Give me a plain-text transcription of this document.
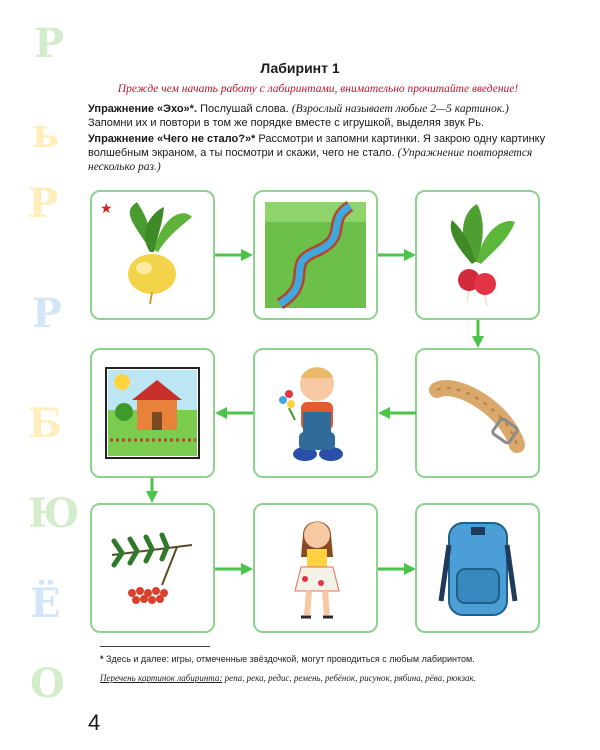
Р
ь
Р
Р
Б
Ю
Ё
О
Лабиринт 1
Прежде чем начать работу с лабиринтами, внимательно прочитайте введение!
Упражнение «Эхо»*. Послушай слова. (Взрослый называет любые 2—5 картинок.) Запомни их и повтори в том же порядке вместе с игрушкой, выделяя звук Рь.
Упражнение «Чего не стало?»* Рассмотри и запомни картинки. Я закрою одну картинку волшебным экраном, а ты посмотри и скажи, чего не стало. (Упражнение повторяется несколько раз.)
★
* Здесь и далее: игры, отмеченные звёздочкой, могут проводиться с любым лабиринтом.
Перечень картинок лабиринта: репа, река, редис, ремень, ребёнок, рисунок, рябина, рёва, рюкзак.
4
